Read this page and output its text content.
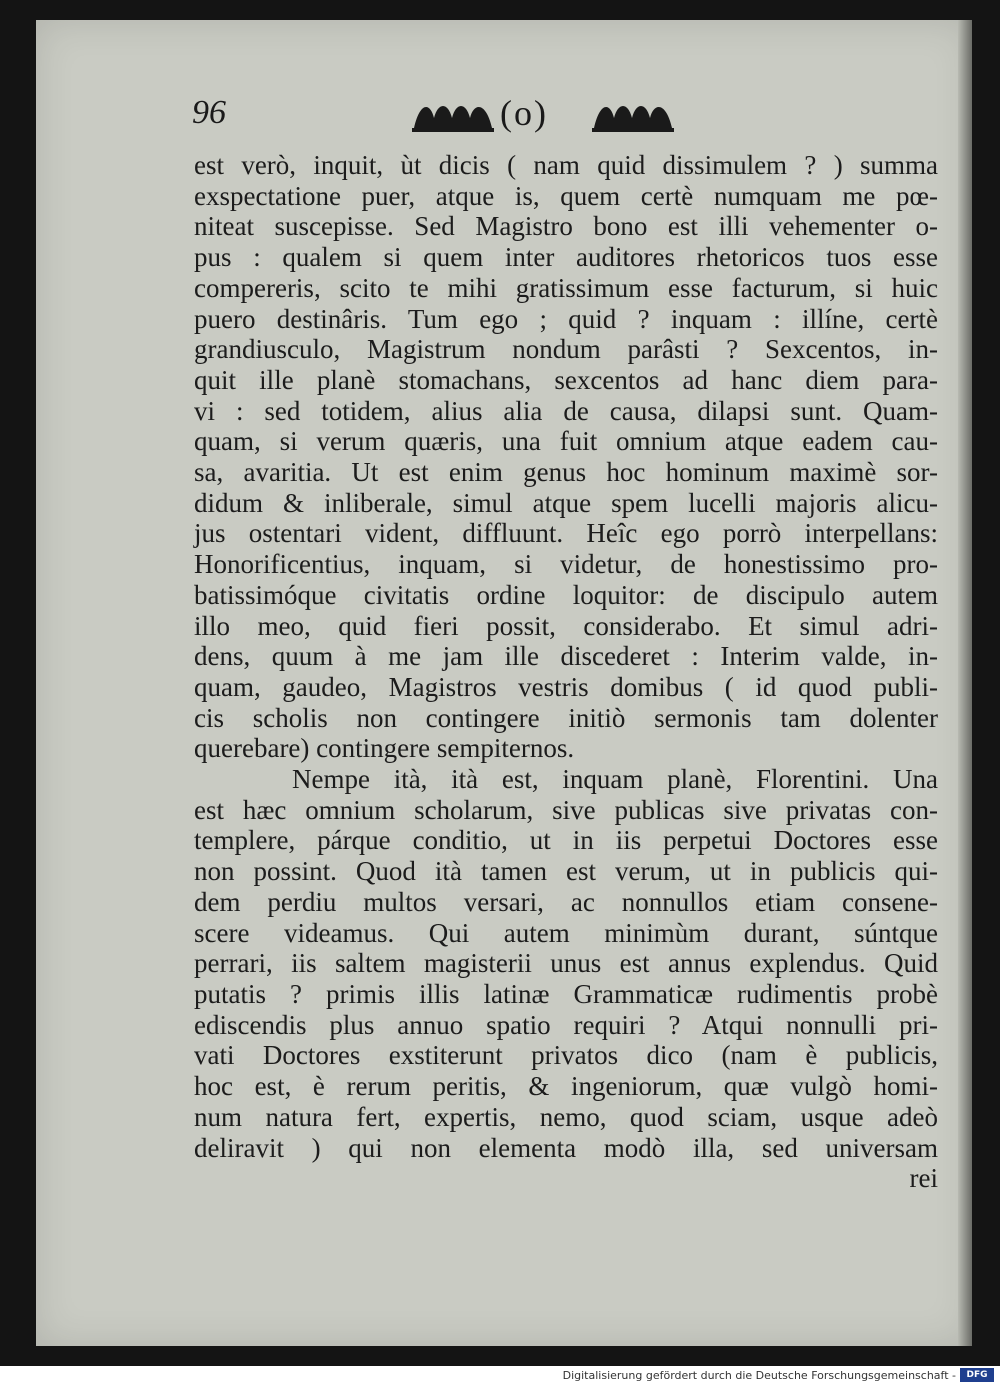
96	(o)
est verò, inquit, ùt dicis ( nam quid dissimulem ? ) summa
exspectatione puer, atque is, quem certè numquam me pœ-
niteat suscepisse. Sed Magistro bono est illi vehementer o-
pus : qualem si quem inter auditores rhetoricos tuos esse
compereris, scito te mihi gratissimum esse facturum, si huic
puero destinâris. Tum ego ; quid ? inquam : illíne, certè
grandiusculo, Magistrum nondum parâsti ? Sexcentos, in-
quit ille planè stomachans, sexcentos ad hanc diem para-
vi : sed totidem, alius alia de causa, dilapsi sunt. Quam-
quam, si verum quæris, una fuit omnium atque eadem cau-
sa, avaritia. Ut est enim genus hoc hominum maximè sor-
didum & inliberale, simul atque spem lucelli majoris alicu-
jus ostentari vident, diffluunt. Heîc ego porrò interpellans:
Honorificentius, inquam, si videtur, de honestissimo pro-
batissimóque civitatis ordine loquitor: de discipulo autem
illo meo, quid fieri possit, considerabo. Et simul adri-
dens, quum à me jam ille discederet : Interim valde, in-
quam, gaudeo, Magistros vestris domibus ( id quod publi-
cis scholis non contingere initiò sermonis tam dolenter
querebare) contingere sempiternos.
Nempe ità, ità est, inquam planè, Florentini. Una
est hæc omnium scholarum, sive publicas sive privatas con-
templere, párque conditio, ut in iis perpetui Doctores esse
non possint. Quod ità tamen est verum, ut in publicis qui-
dem perdiu multos versari, ac nonnullos etiam consene-
scere videamus. Qui autem minimùm durant, súntque
perrari, iis saltem magisterii unus est annus explendus. Quid
putatis ? primis illis latinæ Grammaticæ rudimentis probè
ediscendis plus annuo spatio requiri ? Atqui nonnulli pri-
vati Doctores exstiterunt privatos dico (nam è publicis,
hoc est, è rerum peritis, & ingeniorum, quæ vulgò homi-
num natura fert, expertis, nemo, quod sciam, usque adeò
deliravit ) qui non elementa modò illa, sed universam
rei
Digitalisierung gefördert durch die Deutsche Forschungsgemeinschaft -	DFG
